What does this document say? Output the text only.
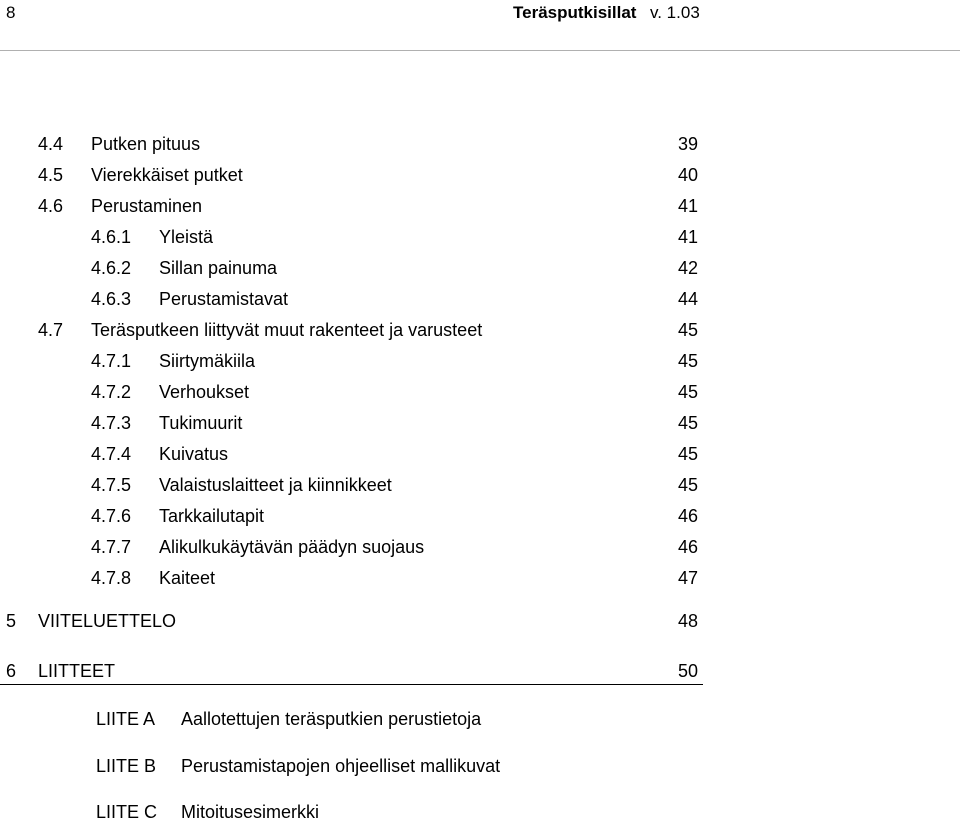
8	Teräsputkisillat v. 1.03
4.4 Putken pituus	39
4.5 Vierekkäiset putket	40
4.6 Perustaminen	41
4.6.1 Yleistä	41
4.6.2 Sillan painuma	42
4.6.3 Perustamistavat	44
4.7 Teräsputkeen liittyvät muut rakenteet ja varusteet	45
4.7.1 Siirtymäkiila	45
4.7.2 Verhoukset	45
4.7.3 Tukimuurit	45
4.7.4 Kuivatus	45
4.7.5 Valaistuslaitteet ja kiinnikkeet	45
4.7.6 Tarkkailutapit	46
4.7.7 Alikulkukäytävän päädyn suojaus	46
4.7.8 Kaiteet	47
5 VIITELUETTELO	48
6 LIITTEET	50
LIITE A Aallotettujen teräsputkien perustietoja
LIITE B Perustamistapojen ohjeelliset mallikuvat
LIITE C Mitoitusesimerkki
